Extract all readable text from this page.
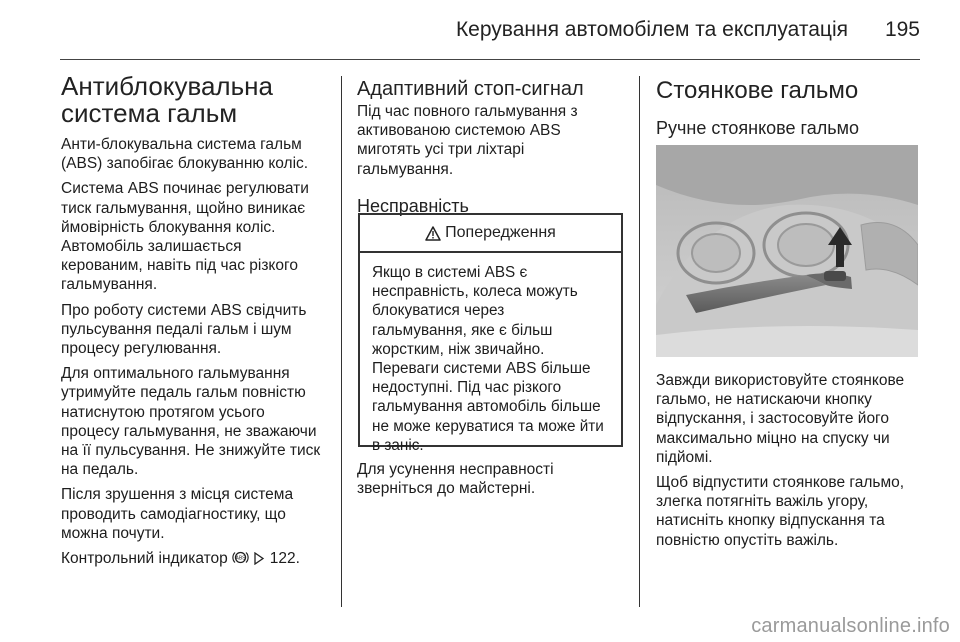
Керування автомобілем та експлуатація 195
Антиблокувальна
система гальм
Анти-блокувальна система гальм
(ABS) запобігає блокуванню коліс.
Система ABS починає регулювати
тиск гальмування, щойно виникає
ймовірність блокування коліс.
Автомобіль залишається
керованим, навіть під час різкого
гальмування.
Про роботу системи ABS свідчить
пульсування педалі гальм і шум
процесу регулювання.
Для оптимального гальмування
утримуйте педаль гальм повністю
натиснутою протягом усього
процесу гальмування, не зважаючи
на її пульсування. Не знижуйте тиск
на педаль.
Після зрушення з місця система
проводить самодіагностику, що
можна почути.
Контрольний індикатор ABS 122.
Адаптивний стоп-сигнал
Під час повного гальмування з
активованою системою ABS
миготять усі три ліхтарі
гальмування.
Несправність
Попередження
Якщо в системі ABS є
несправність, колеса можуть
блокуватися через
гальмування, яке є більш
жорстким, ніж звичайно.
Переваги системи ABS більше
недоступні. Під час різкого
гальмування автомобіль більше
не може керуватися та може йти
в заніс.
Для усунення несправності
зверніться до майстерні.
Стоянкове гальмо
Ручне стоянкове гальмо
Завжди використовуйте стоянкове
гальмо, не натискаючи кнопку
відпускання, і застосовуйте його
максимально міцно на спуску чи
підйомі.
Щоб відпустити стоянкове гальмо,
злегка потягніть важіль угору,
натисніть кнопку відпускання та
повністю опустіть важіль.
carmanualsonline.info
